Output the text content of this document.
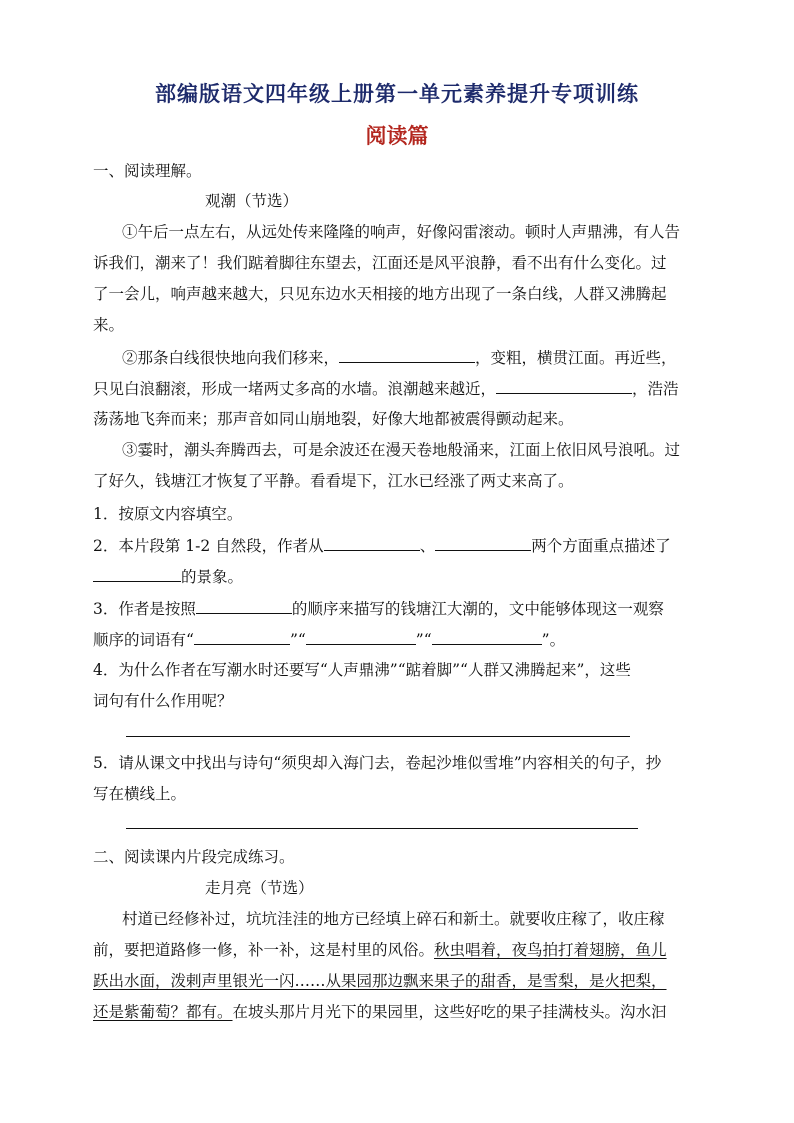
部编版语文四年级上册第一单元素养提升专项训练
阅读篇
一、阅读理解。
观潮（节选）
①午后一点左右，从远处传来隆隆的响声，好像闷雷滚动。顿时人声鼎沸，有人告
诉我们，潮来了！我们踮着脚往东望去，江面还是风平浪静，看不出有什么变化。过
了一会儿，响声越来越大，只见东边水天相接的地方出现了一条白线，人群又沸腾起
来。
②那条白线很快地向我们移来，	，变粗，横贯江面。再近些，
只见白浪翻滚，形成一堵两丈多高的水墙。浪潮越来越近，	，浩浩
荡荡地飞奔而来；那声音如同山崩地裂，好像大地都被震得颤动起来。
③霎时，潮头奔腾西去，可是余波还在漫天卷地般涌来，江面上依旧风号浪吼。过
了好久，钱塘江才恢复了平静。看看堤下，江水已经涨了两丈来高了。
1．按原文内容填空。
2．本片段第 1-2 自然段，作者从	、	两个方面重点描述了
的景象。
3．作者是按照	的顺序来描写的钱塘江大潮的，文中能够体现这一观察
顺序的词语有“	”“	”“	”。
4．为什么作者在写潮水时还要写“人声鼎沸”“踮着脚”“人群又沸腾起来”，这些
词句有什么作用呢？
5．请从课文中找出与诗句“须臾却入海门去，卷起沙堆似雪堆”内容相关的句子，抄
写在横线上。
二、阅读课内片段完成练习。
走月亮（节选）
村道已经修补过，坑坑洼洼的地方已经填上碎石和新土。就要收庄稼了，收庄稼
前，要把道路修一修，补一补，这是村里的风俗。秋虫唱着，夜鸟拍打着翅膀，鱼儿
跃出水面，泼剌声里银光一闪……从果园那边飘来果子的甜香，是雪梨，是火把梨，
还是紫葡萄？都有。在坡头那片月光下的果园里，这些好吃的果子挂满枝头。沟水汩
